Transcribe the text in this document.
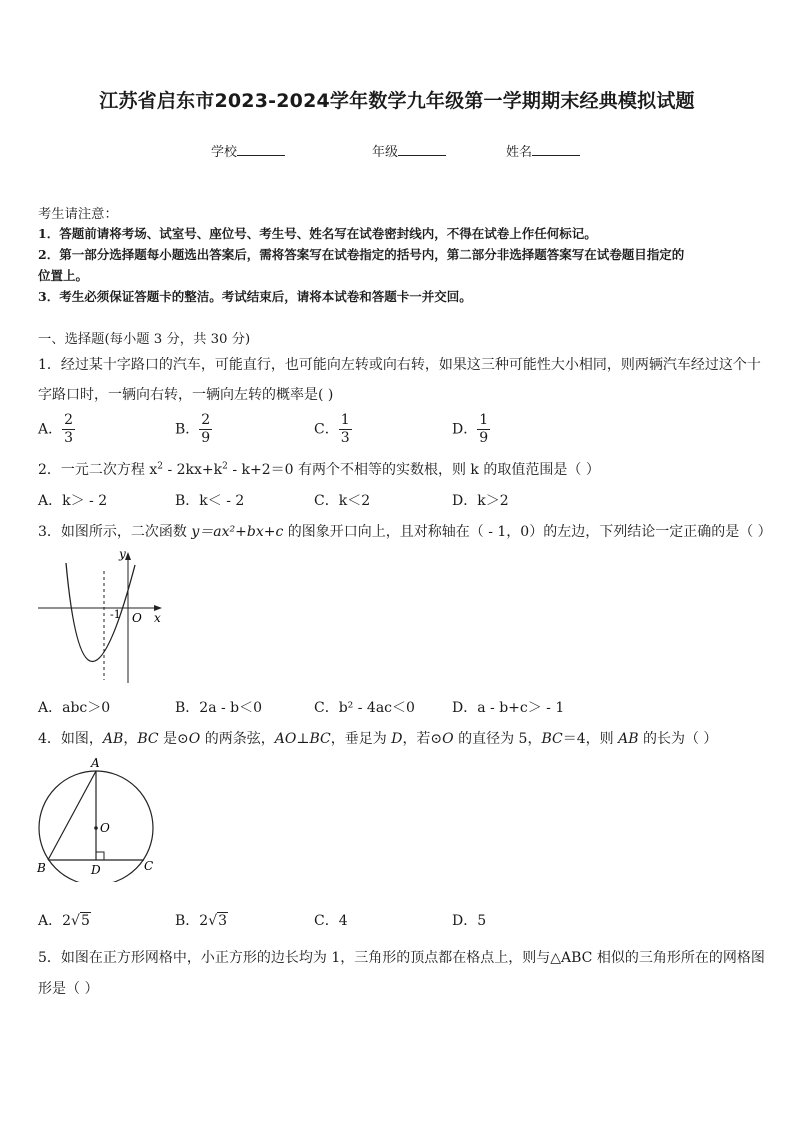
江苏省启东市2023-2024学年数学九年级第一学期期末经典模拟试题
学校	年级	姓名
考生请注意：
1．答题前请将考场、试室号、座位号、考生号、姓名写在试卷密封线内，不得在试卷上作任何标记。
2．第一部分选择题每小题选出答案后，需将答案写在试卷指定的括号内，第二部分非选择题答案写在试卷题目指定的
位置上。
3．考生必须保证答题卡的整洁。考试结束后，请将本试卷和答题卡一并交回。
一、选择题(每小题 3 分，共 30 分)
1．经过某十字路口的汽车，可能直行，也可能向左转或向右转，如果这三种可能性大小相同，则两辆汽车经过这个十
字路口时，一辆向右转，一辆向左转的概率是( )
A． $\frac{2}{3}$	B． $\frac{2}{9}$	C． $\frac{1}{3}$	D． $\frac{1}{9}$
2．一元二次方程 $x^2 - 2kx+k^2 - k+2=0$ 有两个不相等的实数根，则 k 的取值范围是（ ）
A．k＞ - 2	B．k＜ - 2	C．k＜2	D．k＞2
3．如图所示，二次函数 y＝ax²+bx+c 的图象开口向上，且对称轴在（ - 1，0）的左边，下列结论一定正确的是（ ）
y
x
O
-1
A．abc＞0	B．2a - b＜0	C．b² - 4ac＜0	D．a - b+c＞ - 1
4．如图，AB，BC 是⊙O 的两条弦，AO⊥BC，垂足为 D，若⊙O 的直径为 5，BC＝4，则 AB 的长为（ ）
A
O
B	D	C
A．2√5	B．2√3	C．4	D．5
5．如图在正方形网格中，小正方形的边长均为 1，三角形的顶点都在格点上，则与△ABC 相似的三角形所在的网格图
形是（ ）
